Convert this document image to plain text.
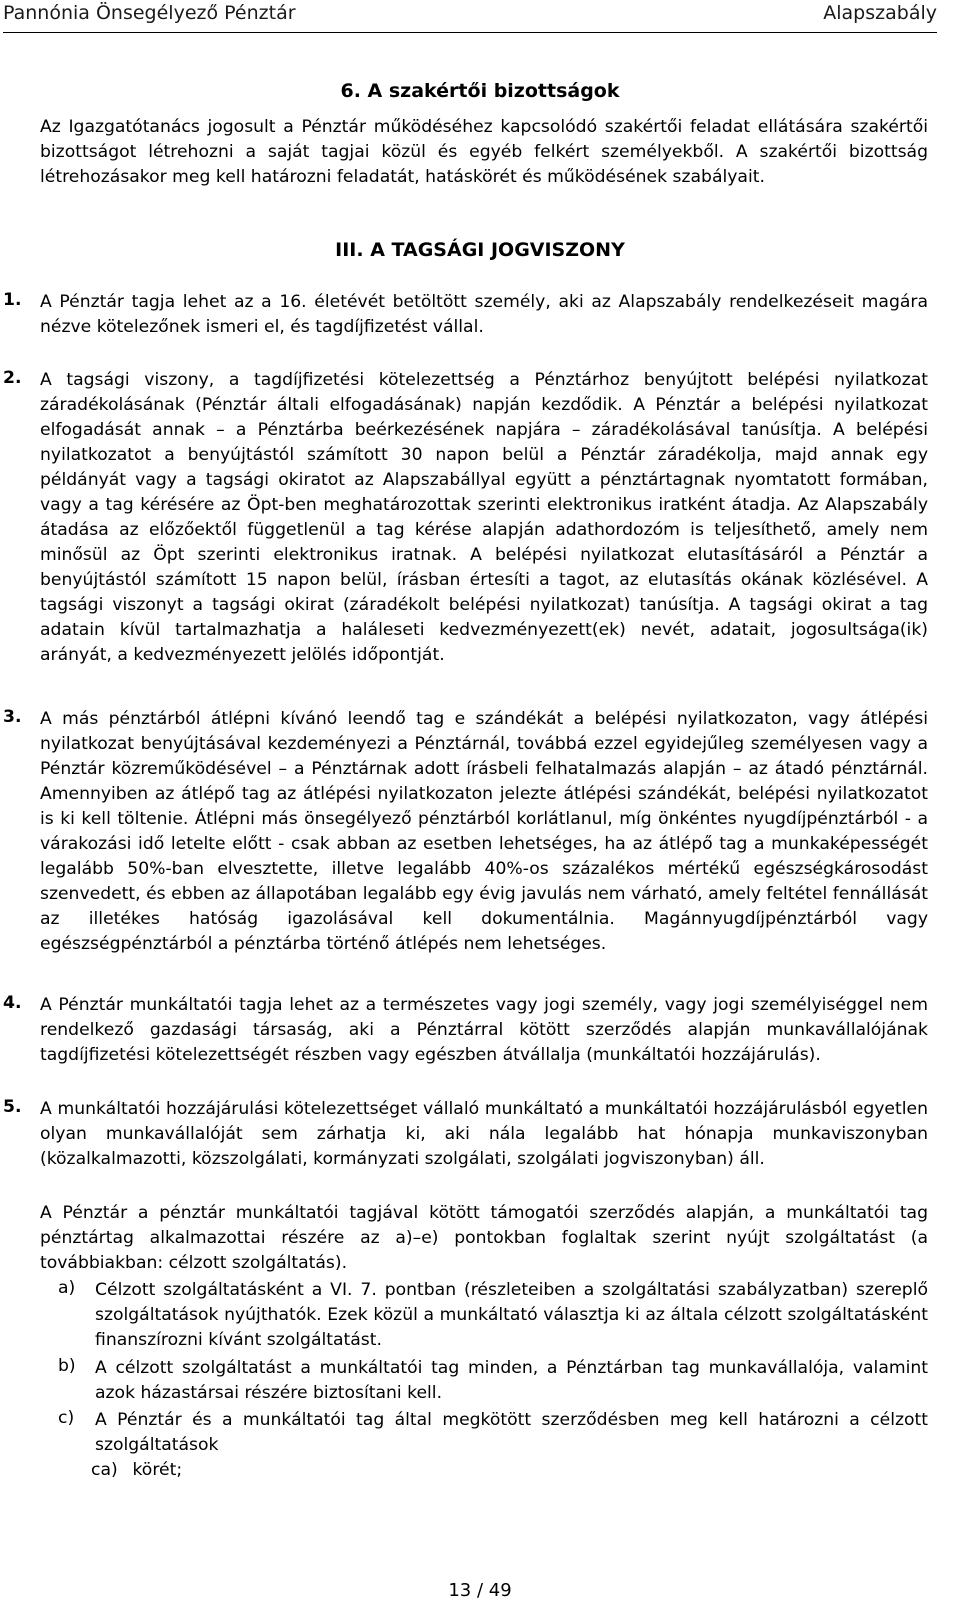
Pannónia Önsegélyező Pénztár	Alapszabály
6. A szakértői bizottságok
Az Igazgatótanács jogosult a Pénztár működéséhez kapcsolódó szakértői feladat ellátására szakértői bizottságot létrehozni a saját tagjai közül és egyéb felkért személyekből. A szakértői bizottság létrehozásakor meg kell határozni feladatát, hatáskörét és működésének szabályait.
III. A TAGSÁGI JOGVISZONY
1. A Pénztár tagja lehet az a 16. életévét betöltött személy, aki az Alapszabály rendelkezéseit magára nézve kötelezőnek ismeri el, és tagdíjfizetést vállal.
2. A tagsági viszony, a tagdíjfizetési kötelezettség a Pénztárhoz benyújtott belépési nyilatkozat záradékolásának (Pénztár általi elfogadásának) napján kezdődik. A Pénztár a belépési nyilatkozat elfogadását annak – a Pénztárba beérkezésének napjára – záradékolásával tanúsítja. A belépési nyilatkozatot a benyújtástól számított 30 napon belül a Pénztár záradékolja, majd annak egy példányát vagy a tagsági okiratot az Alapszabállyal együtt a pénztártagnak nyomtatott formában, vagy a tag kérésére az Öpt-ben meghatározottak szerinti elektronikus iratként átadja. Az Alapszabály átadása az előzőektől függetlenül a tag kérése alapján adathordozóm is teljesíthető, amely nem minősül az Öpt szerinti elektronikus iratnak. A belépési nyilatkozat elutasításáról a Pénztár a benyújtástól számított 15 napon belül, írásban értesíti a tagot, az elutasítás okának közlésével. A tagsági viszonyt a tagsági okirat (záradékolt belépési nyilatkozat) tanúsítja. A tagsági okirat a tag adatain kívül tartalmazhatja a haláleseti kedvezményezett(ek) nevét, adatait, jogosultsága(ik) arányát, a kedvezményezett jelölés időpontját.
3. A más pénztárból átlépni kívánó leendő tag e szándékát a belépési nyilatkozaton, vagy átlépési nyilatkozat benyújtásával kezdeményezi a Pénztárnál, továbbá ezzel egyidejűleg személyesen vagy a Pénztár közreműködésével – a Pénztárnak adott írásbeli felhatalmazás alapján – az átadó pénztárnál. Amennyiben az átlépő tag az átlépési nyilatkozaton jelezte átlépési szándékát, belépési nyilatkozatot is ki kell töltenie. Átlépni más önsegélyező pénztárból korlátlanul, míg önkéntes nyugdíjpénztárból - a várakozási idő letelte előtt - csak abban az esetben lehetséges, ha az átlépő tag a munkaképességét legalább 50%-ban elvesztette, illetve legalább 40%-os százalékos mértékű egészségkárosodást szenvedett, és ebben az állapotában legalább egy évig javulás nem várható, amely feltétel fennállását az illetékes hatóság igazolásával kell dokumentálnia. Magánnyugdíjpénztárból vagy egészségpénztárból a pénztárba történő átlépés nem lehetséges.
4. A Pénztár munkáltatói tagja lehet az a természetes vagy jogi személy, vagy jogi személyiséggel nem rendelkező gazdasági társaság, aki a Pénztárral kötött szerződés alapján munkavállalójának tagdíjfizetési kötelezettségét részben vagy egészben átvállalja (munkáltatói hozzájárulás).
5. A munkáltatói hozzájárulási kötelezettséget vállaló munkáltató a munkáltatói hozzájárulásból egyetlen olyan munkavállalóját sem zárhatja ki, aki nála legalább hat hónapja munkaviszonyban (közalkalmazotti, közszolgálati, kormányzati szolgálati, szolgálati jogviszonyban) áll.
A Pénztár a pénztár munkáltatói tagjával kötött támogatói szerződés alapján, a munkáltatói tag pénztártag alkalmazottai részére az a)–e) pontokban foglaltak szerint nyújt szolgáltatást (a továbbiakban: célzott szolgáltatás).
a) Célzott szolgáltatásként a VI. 7. pontban (részleteiben a szolgáltatási szabályzatban) szereplő szolgáltatások nyújthatók. Ezek közül a munkáltató választja ki az általa célzott szolgáltatásként finanszírozni kívánt szolgáltatást.
b) A célzott szolgáltatást a munkáltatói tag minden, a Pénztárban tag munkavállalója, valamint azok házastársai részére biztosítani kell.
c) A Pénztár és a munkáltatói tag által megkötött szerződésben meg kell határozni a célzott szolgáltatások
ca) körét;
13 / 49
